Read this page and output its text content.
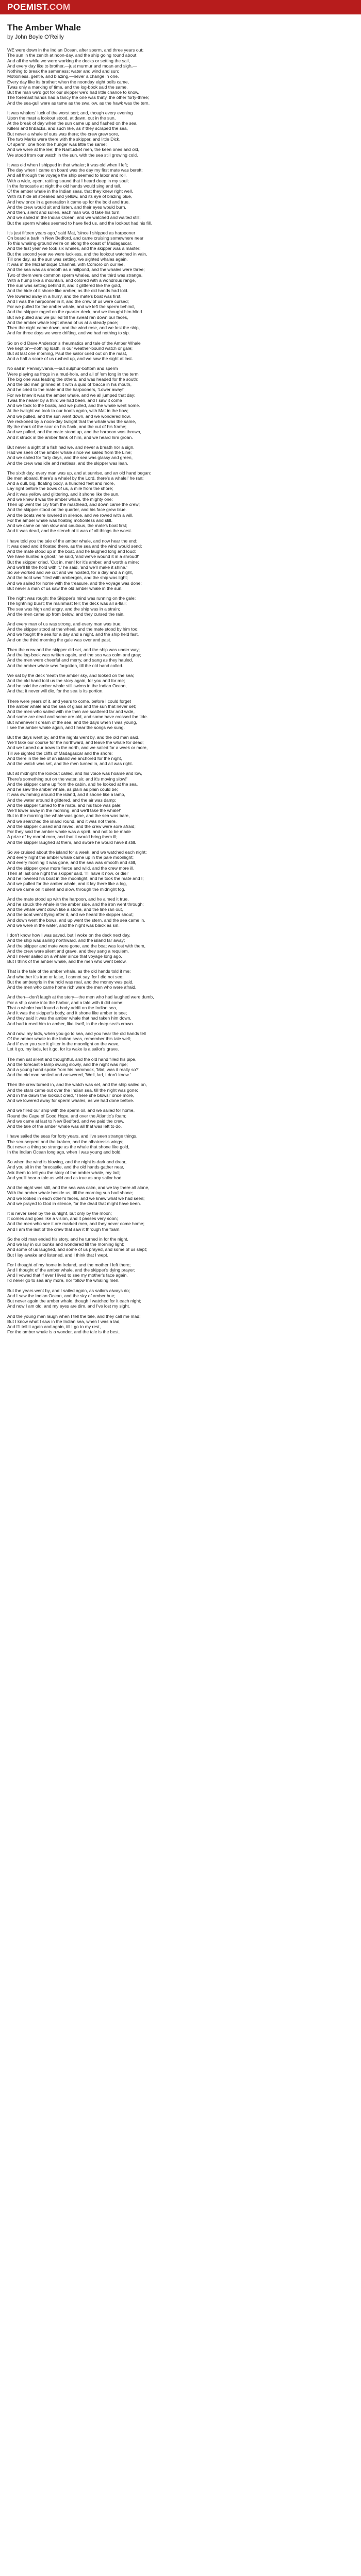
POEMIST.COM
The Amber Whale
by John Boyle O'Reilly
WE were down in the Indian Ocean, after sperm, and three years out;
The sun in the zenith at noon-day, and the ship going round about;
And all the while we were working the decks or setting the sail,
And every day like to brother,—just murmur and moan and sigh,—
Nothing to break the sameness; water and wind and sun;
Motionless, gentle, and blazing,—never a change in one.
Every day like its brother: when the noonday eight bells came,
Twas only a marking of time, and the log-book said the same.
But the man we'd got for our skipper we'd had little chance to know,
The foremast hands had a fancy the one was thirty, the other forty-three;
And the sea-gull were as tame as the swallow, as the hawk was the tern.
It was whalers' luck of the worst sort; and, though every evening
Upon the mast a lookout stood, at dawn, out in the sun,
At the break of day when the sun came up and flashed on the sea,
Killers and finbacks, and such like, as if they scraped the sea,
But never a whale of ours was there; the crew grew sore,
The two Marks were there with the skipper, and little Dick,
Of sperm, one from the hunger was little the same;
And we were at the lee; the Nantucket men, the keen ones and old,
We stood from our watch in the sun, with the sea still growing cold.
It was old when I shipped in that whaler; it was old when I left;
The day when I came on board was the day my first mate was bereft;
And all through the voyage the ship seemed to labor and roll,
With a wide, open, rattling sound that I heard deep in my soul;
In the forecastle at night the old hands would sing and tell,
Of the amber whale in the Indian seas, that they knew right well,
With its hide all streaked and yellow, and its eye of blazing blue,
And how once in a generation it came up for the bold and true.
And the crew would sit and listen, and their eyes would burn,
And then, silent and sullen, each man would take his turn.
And we sailed in the Indian Ocean, and we watched and waited still;
But the sperm whales seemed to have fled us, and the lookout had his fill.
It's just fifteen years ago,' said Mat, 'since I shipped as harpooner
On board a bark in New Bedford, and came cruising somewhere near
To this whaling-ground we're on along the coast of Madagascar,
And the first year we took six whales, and the skipper was a master;
But the second year we were luckless, and the lookout watched in vain,
Till one day, as the sun was setting, we sighted whales again.
It was in the Mozambique Channel, with Comoro on our lee,
And the sea was as smooth as a millpond, and the whales were three;
Two of them were common sperm whales, and the third was strange,
With a hump like a mountain, and colored with a wondrous range,
The sun was setting behind it, and it glittered like the gold,
And the hide of it shone like amber, as the old hands had told.
We lowered away in a hurry, and the mate's boat was first,
And I was the harpooner in it, and the crew of us were cursed;
For we pulled for the amber whale, and we left the sperm behind,
And the skipper raged on the quarter-deck, and we thought him blind.
But we pulled and we pulled till the sweat ran down our faces,
And the amber whale kept ahead of us at a steady pace;
Then the night came down, and the wind rose, and we lost the ship,
And for three days we were drifting, and we had nothing to sip.
So on old Dave Anderson's rheumatics and tale of the Amber Whale
We kept on—nothing loath, in our weather-bound watch or gale;
But at last one morning, Paul the sailor cried out on the mast,
And a half a score of us rushed up, and we saw the sight at last.
No sail in Pennsylvania,—but sulphur-bottom and sperm
Were playing as frogs in a mud-hole, and all of 'em long in the term
The big one was leading the others, and was headed for the south;
And the old man grinned at it with a quid of 'bacca in his mouth,
And he cried to the mate and the harpooners, 'Lower away!'
For we knew it was the amber whale, and we all jumped that day;
Twas the nearer by a third we had been, and I saw it come
And we took to the boats, and we pulled, and the whale went home.
At the twilight we took to our boats again, with Mat in the bow;
And we pulled, and the sun went down, and we wondered how.
We reckoned by a noon-day twilight that the whale was the same,
By the mark of the scar on his flank, and the cut of his frame;
And we pulled, and the mate stood up, and the harpoon was thrown,
And it struck in the amber flank of him, and we heard him groan.
But never a sight of a fish had we, and never a breath nor a sign,
Had we seen of the amber whale since we sailed from the Line;
And we sailed for forty days, and the sea was glassy and green,
And the crew was idle and restless, and the skipper was lean.
The sixth day, every man was up, and at sunrise, and an old hand began:
Be men aboard, there's a whale! by the Lord, there's a whale!' he ran;
And a dull, big, floating body, a hundred feet and more,
Lay right before the bows of us, a mile from the shore;
And it was yellow and glittering, and it shone like the sun,
And we knew it was the amber whale, the mighty one;
Then up went the cry from the masthead, and down came the crew;
And the skipper stood on the quarter, and his face grew blue.
And the boats were lowered in silence, and we rowed with a will,
For the amber whale was floating motionless and still.
And we came on him slow and cautious, the mate's boat first;
And it was dead, and the stench of it was of all things the worst.
I have told you the tale of the amber whale, and now hear the end;
It was dead and it floated there, as the sea and the wind would send;
And the mate stood up in the boat, and he laughed long and loud:
We have hunted a ghost,' he said, 'and we've wound it in a shroud!'
But the skipper cried, 'Cut in, men! for it's amber, and worth a mine;
And we'll fill the hold with it,' he said, 'and we'll make it shine.'
So we worked and we cut and we hoisted, for a day and a night,
And the hold was filled with ambergris, and the ship was light;
And we sailed for home with the treasure, and the voyage was done;
But never a man of us saw the old amber whale in the sun.
The night was rough; the Skipper's mind was running on the gale;
The lightning burst; the mainmast fell; the deck was all a-flail;
The sea was high and angry, and the ship was in a strain;
And the men came up from below, and they cursed the rain.
And every man of us was strong, and every man was true;
And the skipper stood at the wheel, and the mate stood by him too;
And we fought the sea for a day and a night, and the ship held fast,
And on the third morning the gale was over and past.
Then the crew and the skipper did set, and the ship was under way;
And the log-book was written again, and the sea was calm and gray;
And the men were cheerful and merry, and sang as they hauled,
And the amber whale was forgotten, till the old hand called.
We sat by the deck 'neath the amber sky, and looked on the sea;
And the old hand told us the story again, for you and for me;
And he said the amber whale still swims in the Indian Ocean,
And that it never will die, for the sea is its portion.
There were years of it, and years to come, before I could forget
The amber whale and the sea of glass and the sun that never set;
And the men who sailed with me then are scattered far and wide,
And some are dead and some are old, and some have crossed the tide.
But whenever I dream of the sea, and the days when I was young,
I see the amber whale again, and I hear the songs we sung.
But the days went by, and the nights went by, and the old man said,
We'll take our course for the northward, and leave the whale for dead;
And we turned our bows to the north, and we sailed for a week or more,
Till we sighted the cliffs of Madagascar and the shore;
And there in the lee of an island we anchored for the night,
And the watch was set, and the men turned in, and all was right.
But at midnight the lookout called, and his voice was hoarse and low,
There's something out on the water, sir, and it's moving slow!'
And the skipper came up from the cabin, and he looked at the sea,
And he saw the amber whale, as plain as plain could be;
It was swimming around the island, and it shone like a lamp,
And the water around it glittered, and the air was damp;
And the skipper turned to the mate, and his face was pale:
We'll lower away in the morning, and we'll take the whale!'
But in the morning the whale was gone, and the sea was bare,
And we searched the island round, and it was not there.
And the skipper cursed and raved, and the crew were sore afraid;
For they said the amber whale was a spirit, and not to be made
A prize of by mortal men, and that it would bring them ill;
And the skipper laughed at them, and swore he would have it still.
So we cruised about the island for a week, and we watched each night;
And every night the amber whale came up in the pale moonlight;
And every morning it was gone, and the sea was smooth and still,
And the skipper grew more fierce and wild, and the crew more ill.
Then at last one night the skipper said, 'I'll have it now, or die!'
And he lowered his boat in the moonlight, and he took the mate and I;
And we pulled for the amber whale, and it lay there like a log,
And we came on it silent and slow, through the midnight fog.
And the mate stood up with the harpoon, and he aimed it true,
And he struck the whale in the amber side, and the iron went through;
And the whale went down like a stone, and the line ran out,
And the boat went flying after it, and we heard the skipper shout;
And down went the bows, and up went the stern, and the sea came in,
And we were in the water, and the night was black as sin.
I don't know how I was saved, but I woke on the deck next day,
And the ship was sailing northward, and the island far away;
And the skipper and mate were gone, and the boat was lost with them,
And the crew were silent and grave, and they sang a requiem.
And I never sailed on a whaler since that voyage long ago,
But I think of the amber whale, and the men who went below.
That is the tale of the amber whale, as the old hands told it me;
And whether it's true or false, I cannot say, for I did not see;
But the ambergris in the hold was real, and the money was paid,
And the men who came home rich were the men who were afraid.
And then—don't laugh at the story—the men who had laughed were dumb,
For a ship came into the harbor, and a tale with it did come;
That a whaler had found a body adrift on the Indian sea,
And it was the skipper's body, and it shone like amber to see;
And they said it was the amber whale that had taken him down,
And had turned him to amber, like itself, in the deep sea's crown.
And now, my lads, when you go to sea, and you hear the old hands tell
Of the amber whale in the Indian seas, remember this tale well;
And if ever you see it glitter in the moonlight on the wave,
Let it go, my lads, let it go, for its wake is a sailor's grave.
The men sat silent and thoughtful, and the old hand filled his pipe,
And the forecastle lamp swung slowly, and the night was ripe;
And a young hand spoke from his hammock, 'Mat, was it really so?'
And the old man smiled and answered, 'Well, lad, I don't know.'
Then the crew turned in, and the watch was set, and the ship sailed on,
And the stars came out over the Indian sea, till the night was gone;
And in the dawn the lookout cried, 'There she blows!' once more,
And we lowered away for sperm whales, as we had done before.
And we filled our ship with the sperm oil, and we sailed for home,
Round the Cape of Good Hope, and over the Atlantic's foam;
And we came at last to New Bedford, and we paid the crew,
And the tale of the amber whale was all that was left to do.
I have sailed the seas for forty years, and I've seen strange things,
The sea-serpent and the kraken, and the albatross's wings;
But never a thing so strange as the whale that shone like gold,
In the Indian Ocean long ago, when I was young and bold.
So when the wind is blowing, and the night is dark and drear,
And you sit in the forecastle, and the old hands gather near,
Ask them to tell you the story of the amber whale, my lad;
And you'll hear a tale as wild and as true as any sailor had.
And the night was still, and the sea was calm, and we lay there all alone,
With the amber whale beside us, till the morning sun had shone;
And we looked in each other's faces, and we knew what we had seen;
And we prayed to God in silence, for the dead that might have been.
It is never seen by the sunlight, but only by the moon;
It comes and goes like a vision, and it passes very soon;
And the men who see it are marked men, and they never come home;
And I am the last of the crew that saw it through the foam.
So the old man ended his story, and he turned in for the night,
And we lay in our bunks and wondered till the morning light;
And some of us laughed, and some of us prayed, and some of us slept;
But I lay awake and listened, and I think that I wept.
For I thought of my home in Ireland, and the mother I left there;
And I thought of the amber whale, and the skipper's dying prayer;
And I vowed that if ever I lived to see my mother's face again,
I'd never go to sea any more, nor follow the whaling men.
But the years went by, and I sailed again, as sailors always do;
And I saw the Indian Ocean, and the sky of amber hue;
But never again the amber whale, though I watched for it each night;
And now I am old, and my eyes are dim, and I've lost my sight.
And the young men laugh when I tell the tale, and they call me mad;
But I know what I saw in the Indian sea, when I was a lad;
And I'll tell it again and again, till I go to my rest,
For the amber whale is a wonder, and the tale is the best.
